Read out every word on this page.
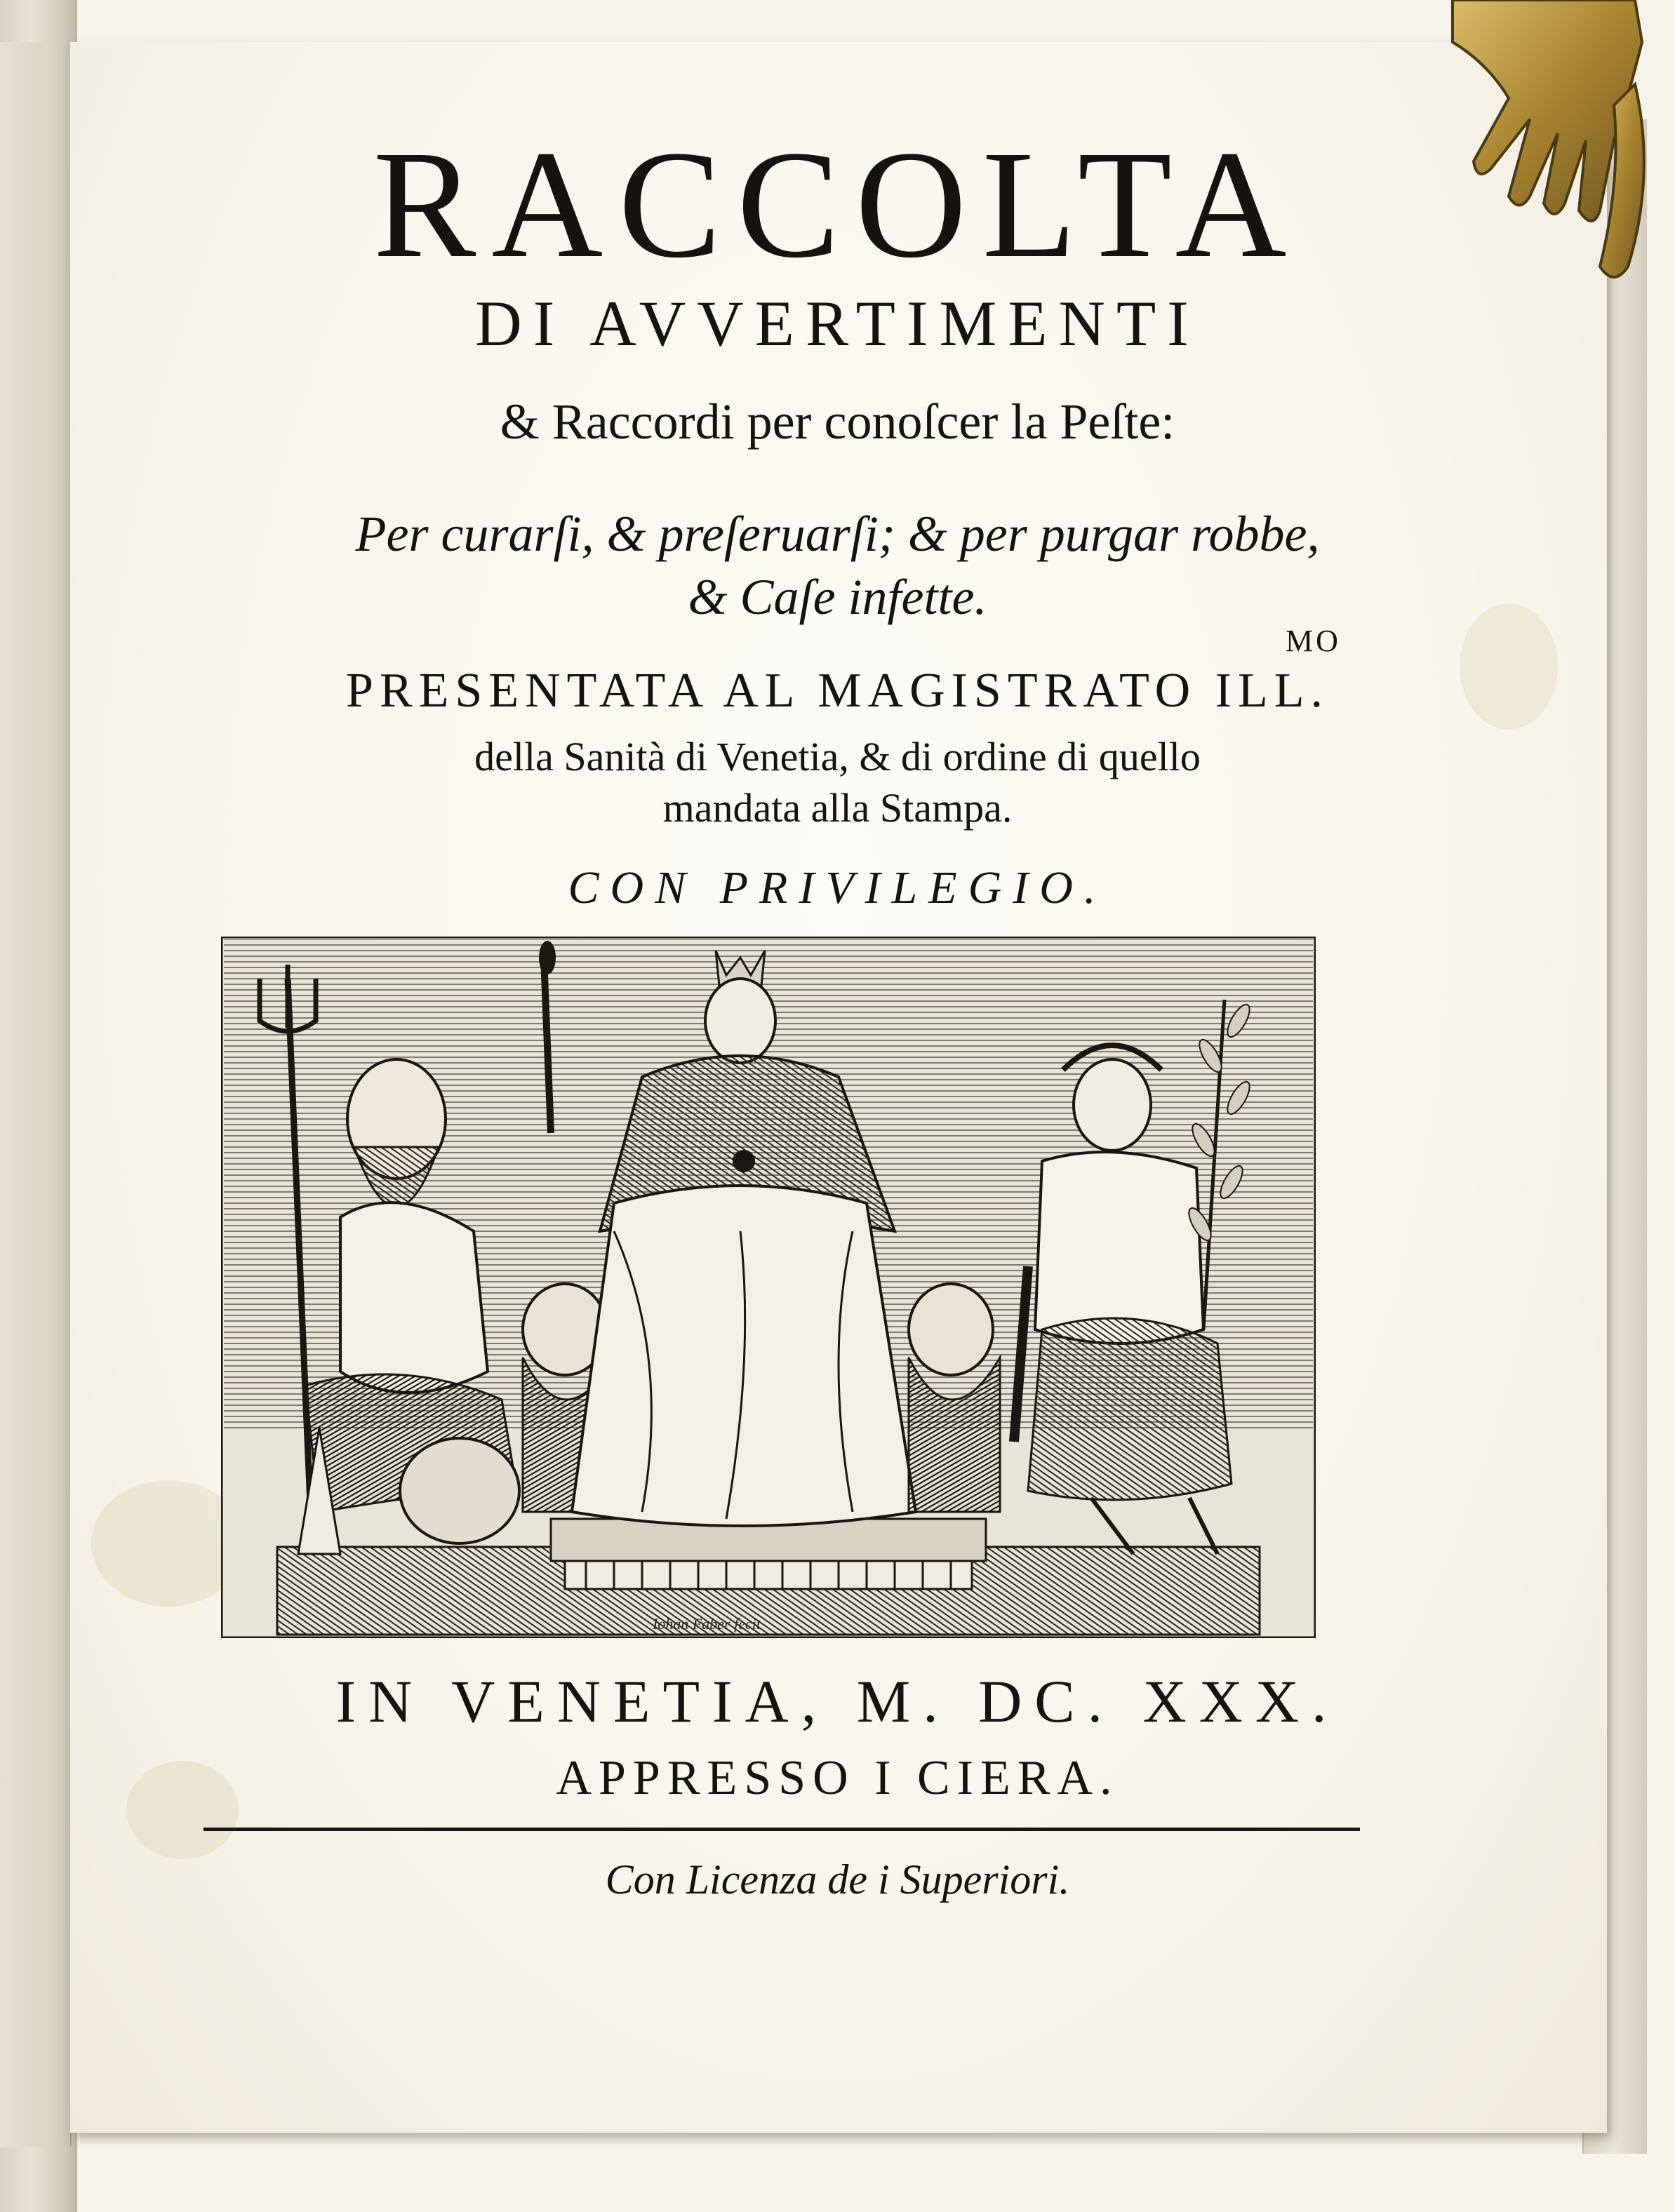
RACCOLTA
DI AVVERTIMENTI
& Raccordi per conoſcer la Peſte:
Per curarſi, & preſeruarſi; & per purgar robbe,
& Caſe infette.
MO
PRESENTATA AL MAGISTRATO ILL.
della Sanità di Venetia, & di ordine di quello
mandata alla Stampa.
CON PRIVILEGIO.
Iohan Faber fecit
IN VENETIA, M. DC. XXX.
APPRESSO I CIERA.
Con Licenza de i Superiori.
